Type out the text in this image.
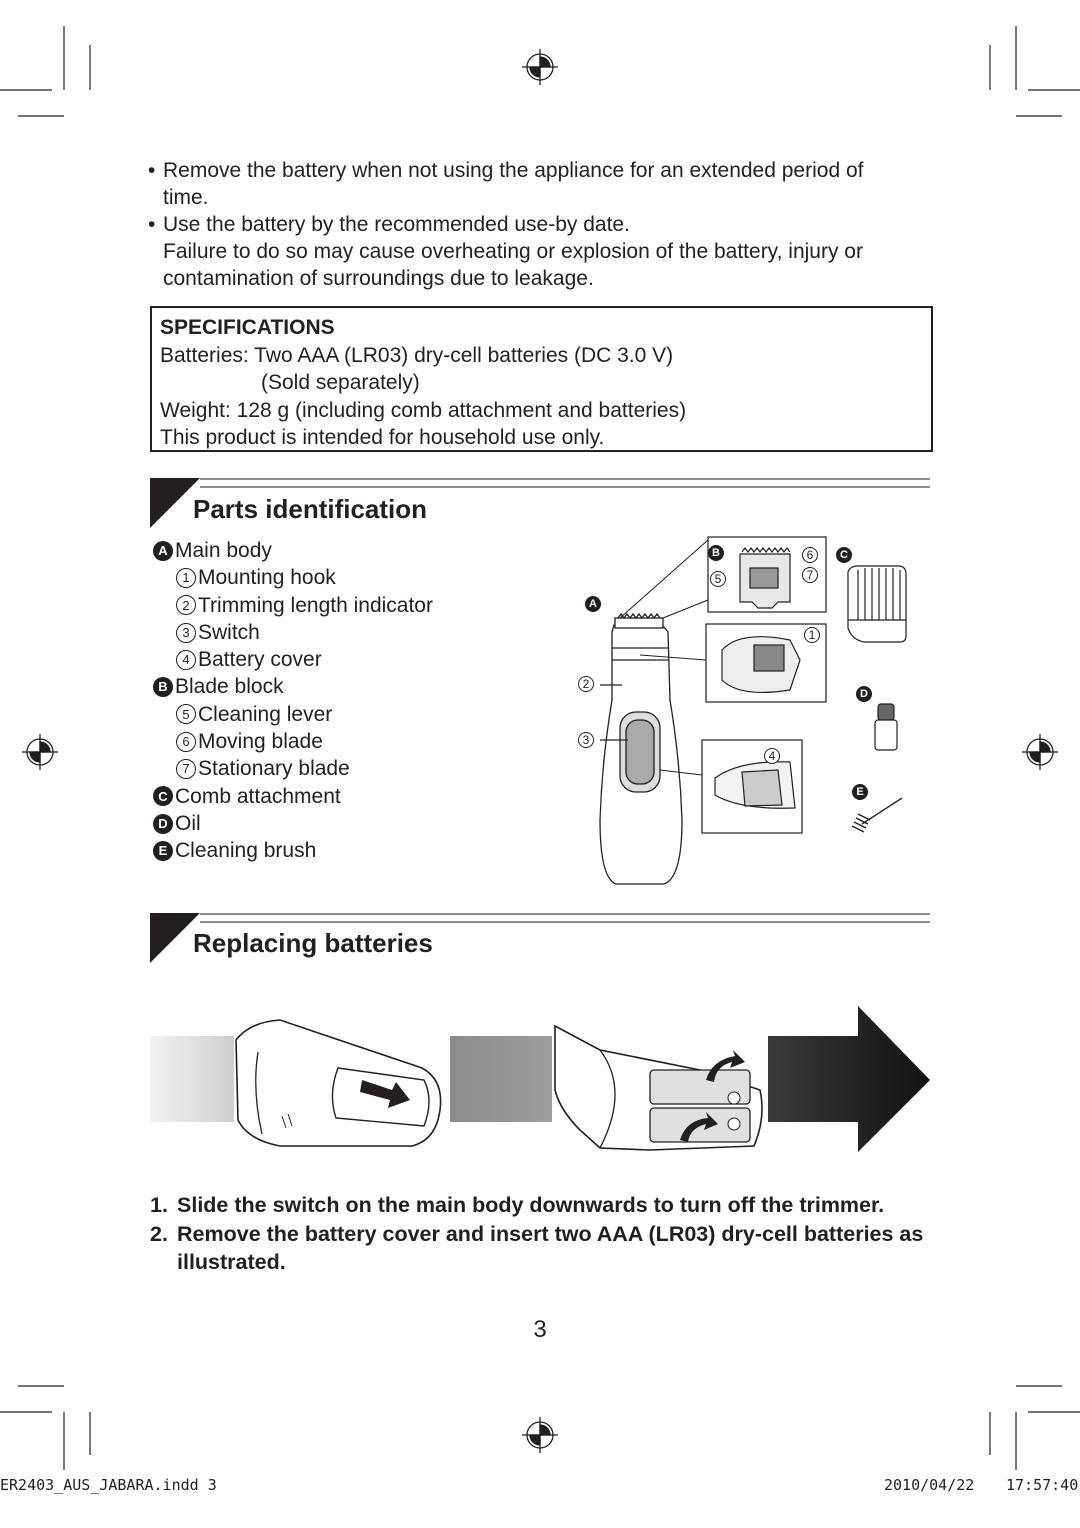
• Remove the battery when not using the appliance for an extended period of
time.
• Use the battery by the recommended use-by date.
Failure to do so may cause overheating or explosion of the battery, injury or
contamination of surroundings due to leakage.
SPECIFICATIONS
Batteries: Two AAA (LR03) dry-cell batteries (DC 3.0 V)
(Sold separately)
Weight: 128 g (including comb attachment and batteries)
This product is intended for household use only.
Parts identification
A Main body
1 Mounting hook
2 Trimming length indicator
3 Switch
4 Battery cover
B Blade block
5 Cleaning lever
6 Moving blade
7 Stationary blade
C Comb attachment
D Oil
E Cleaning brush
A
B	C
D
E
1
2
3
4
5
6
7
Replacing batteries
1. Slide the switch on the main body downwards to turn off the trimmer.
2. Remove the battery cover and insert two AAA (LR03) dry-cell batteries as illustrated.
3
ER2403_AUS_JABARA.indd 3	2010/04/22 17:57:40
